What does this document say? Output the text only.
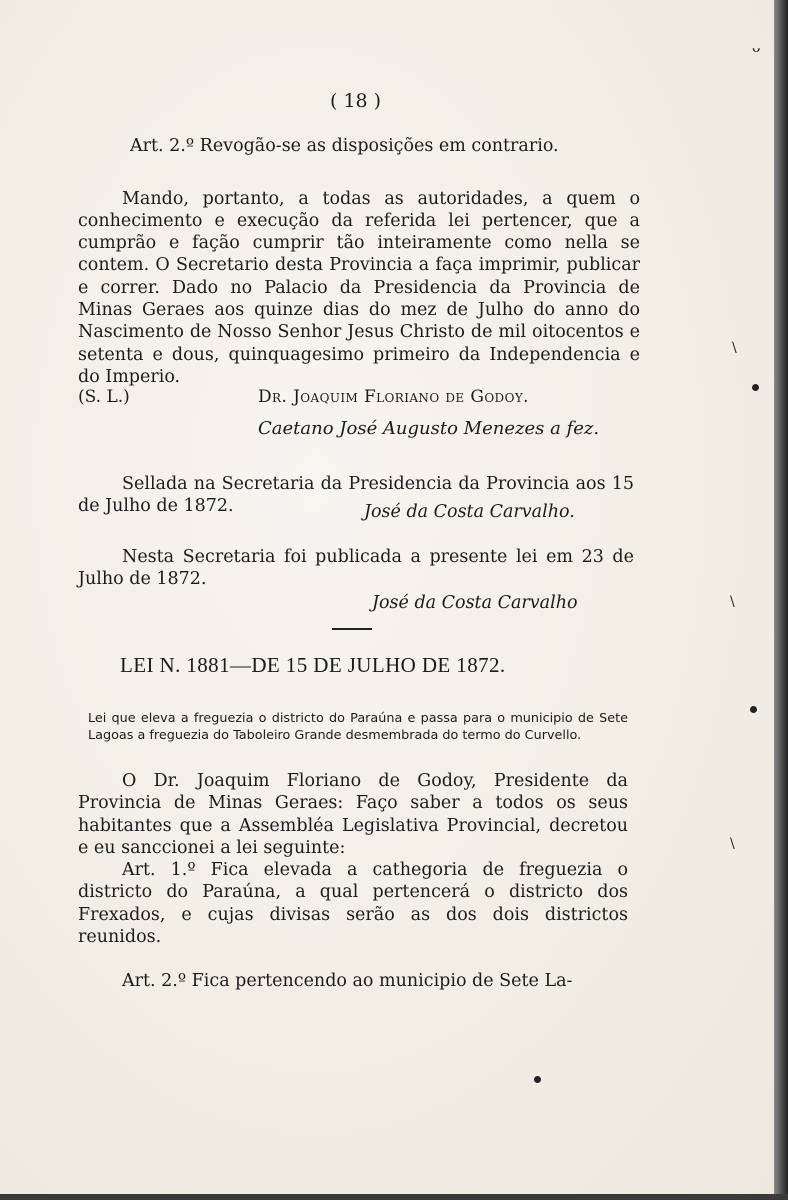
( 18 )
Art. 2.º Revogão-se as disposições em contrario.

Mando, portanto, a todas as autoridades, a quem o conhecimento e execução da referida lei pertencer, que a cumprão e fação cumprir tão inteiramente como nella se contem. O Secretario desta Provincia a faça imprimir, publicar e correr. Dado no Palacio da Presidencia da Provincia de Minas Geraes aos quinze dias do mez de Julho do anno do Nascimento de Nosso Senhor Jesus Christo de mil oitocentos e setenta e dous, quinquagesimo primeiro da Independencia e do Imperio.

(S. L.)	Dr. Joaquim Floriano de Godoy.
Caetano José Augusto Menezes a fez.

Sellada na Secretaria da Presidencia da Provincia aos 15 de Julho de 1872.	José da Costa Carvalho.

Nesta Secretaria foi publicada a presente lei em 23 de Julho de 1872.

José da Costa Carvalho
LEI N. 1881—DE 15 DE JULHO DE 1872.

Lei que eleva a freguezia o districto do Paraúna e passa para o municipio de Sete Lagoas a freguezia do Taboleiro Grande desmembrada do termo do Curvello.

O Dr. Joaquim Floriano de Godoy, Presidente da Provincia de Minas Geraes: Faço saber a todos os seus habitantes que a Assembléa Legislativa Provincial, decretou e eu sanccionei a lei seguinte:

Art. 1.º Fica elevada a cathegoria de freguezia o districto do Paraúna, a qual pertencerá o districto dos Frexados, e cujas divisas serão as dos dois districtos reunidos.

Art. 2.º Fica pertencendo ao municipio de Sete La-

ᴗ
\
\
\
